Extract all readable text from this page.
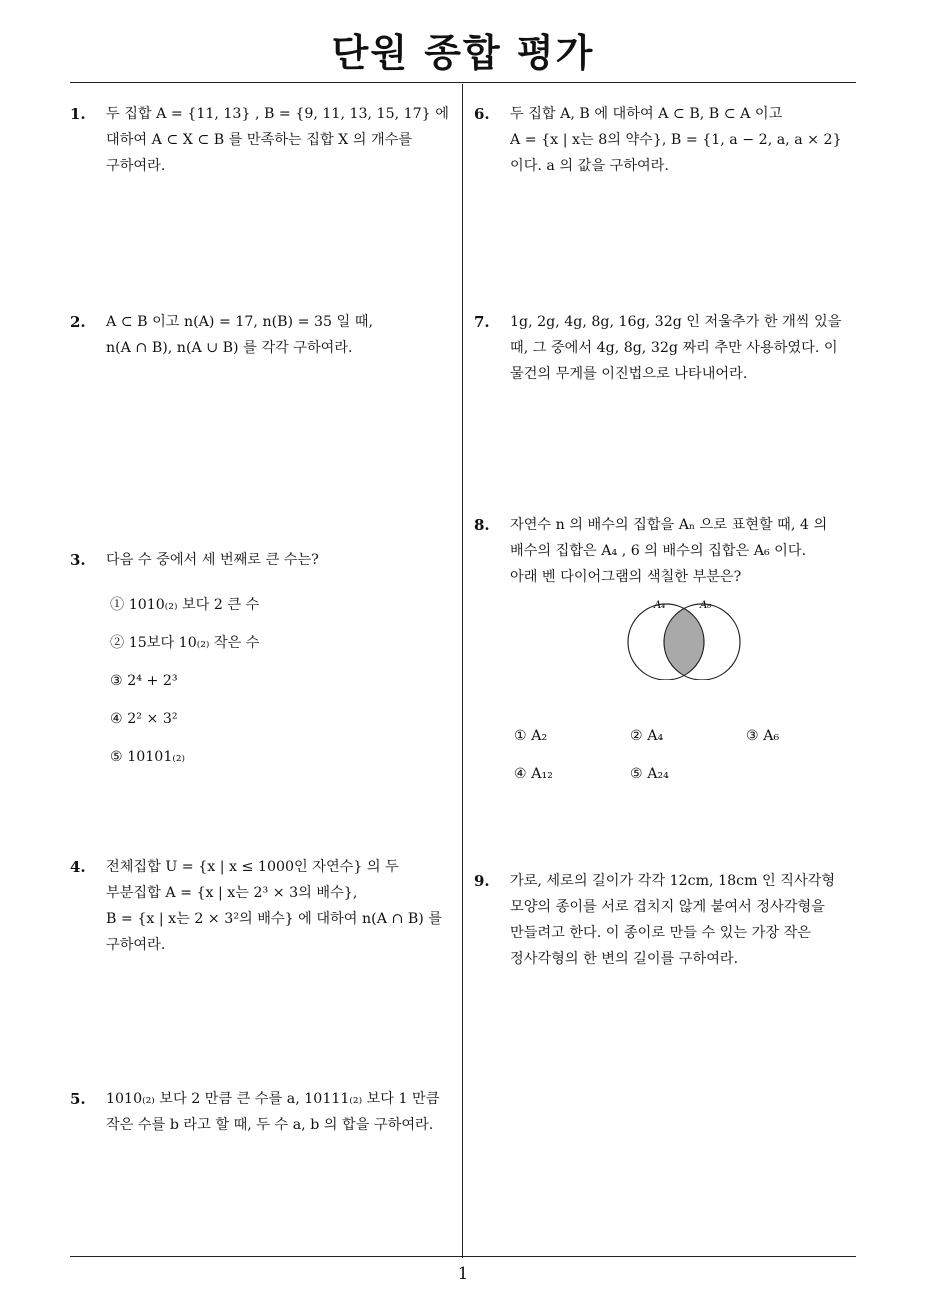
단원 종합 평가
1. 두 집합 A = {11, 13} , B = {9, 11, 13, 15, 17} 에

대하여 A ⊂ X ⊂ B 를 만족하는 집합 X 의 개수를

구하여라.

2. A ⊂ B 이고 n(A) = 17, n(B) = 35 일 때,

n(A ∩ B), n(A ∪ B) 를 각각 구하여라.

3. 다음 수 중에서 세 번째로 큰 수는?

① 1010₍₂₎ 보다 2 큰 수
② 15보다 10₍₂₎ 작은 수
③ 2⁴ + 2³
④ 2² × 3²
⑤ 10101₍₂₎
4. 전체집합 U = {x | x ≤ 1000인 자연수} 의 두

부분집합 A = {x | x는 2³ × 3의 배수},

B = {x | x는 2 × 3²의 배수} 에 대하여 n(A ∩ B) 를

구하여라.

5. 1010₍₂₎ 보다 2 만큼 큰 수를 a, 10111₍₂₎ 보다 1 만큼

작은 수를 b 라고 할 때, 두 수 a, b 의 합을 구하여라.

6. 두 집합 A, B 에 대하여 A ⊂ B, B ⊂ A 이고

A = {x | x는 8의 약수}, B = {1, a − 2, a, a × 2}

이다. a 의 값을 구하여라.

7. 1g, 2g, 4g, 8g, 16g, 32g 인 저울추가 한 개씩 있을

때, 그 중에서 4g, 8g, 32g 짜리 추만 사용하였다. 이

물건의 무게를 이진법으로 나타내어라.

8. 자연수 n 의 배수의 집합을 Aₙ 으로 표현할 때, 4 의

배수의 집합은 A₄ , 6 의 배수의 집합은 A₆ 이다.

아래 벤 다이어그램의 색칠한 부분은?

A₄	A₆
① A₂	② A₄	③ A₆
④ A₁₂	⑤ A₂₄
9. 가로, 세로의 길이가 각각 12cm, 18cm 인 직사각형

모양의 종이를 서로 겹치지 않게 붙여서 정사각형을

만들려고 한다. 이 종이로 만들 수 있는 가장 작은

정사각형의 한 변의 길이를 구하여라.

1
